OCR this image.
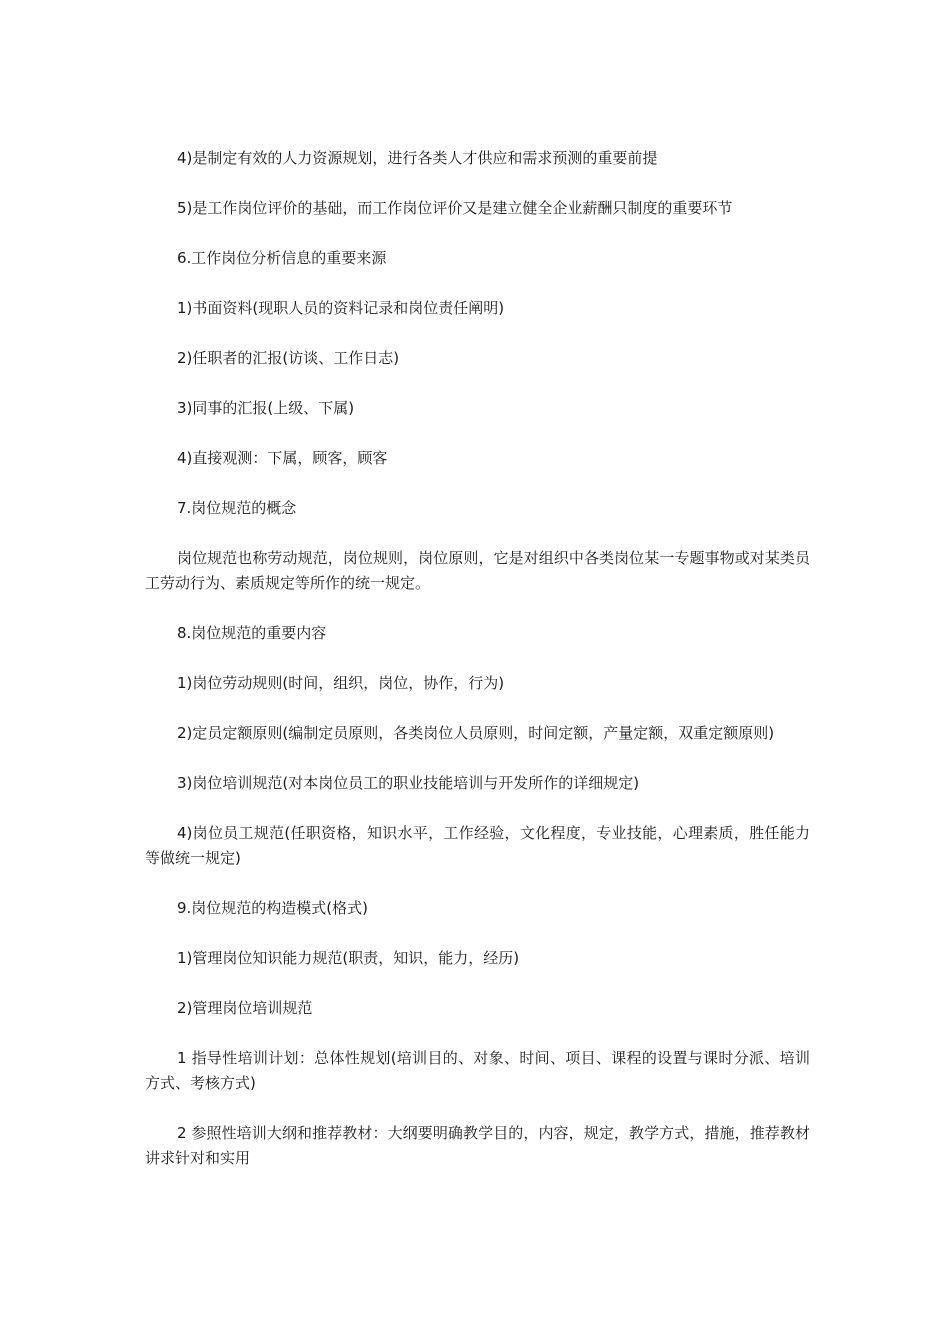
4)是制定有效的人力资源规划，进行各类人才供应和需求预测的重要前提

5)是工作岗位评价的基础，而工作岗位评价又是建立健全企业薪酬只制度的重要环节

6.工作岗位分析信息的重要来源

1)书面资料(现职人员的资料记录和岗位责任阐明)

2)任职者的汇报(访谈、工作日志)

3)同事的汇报(上级、下属)

4)直接观测：下属，顾客，顾客

7.岗位规范的概念

岗位规范也称劳动规范，岗位规则，岗位原则，它是对组织中各类岗位某一专题事物或对某类员工劳动行为、素质规定等所作的统一规定。

8.岗位规范的重要内容

1)岗位劳动规则(时间，组织，岗位，协作，行为)

2)定员定额原则(编制定员原则，各类岗位人员原则，时间定额，产量定额，双重定额原则)

3)岗位培训规范(对本岗位员工的职业技能培训与开发所作的详细规定)

4)岗位员工规范(任职资格，知识水平，工作经验，文化程度，专业技能，心理素质，胜任能力等做统一规定)

9.岗位规范的构造模式(格式)

1)管理岗位知识能力规范(职责，知识，能力，经历)

2)管理岗位培训规范

1 指导性培训计划：总体性规划(培训目的、对象、时间、项目、课程的设置与课时分派、培训方式、考核方式)

2 参照性培训大纲和推荐教材：大纲要明确教学目的，内容，规定，教学方式，措施，推荐教材讲求针对和实用
